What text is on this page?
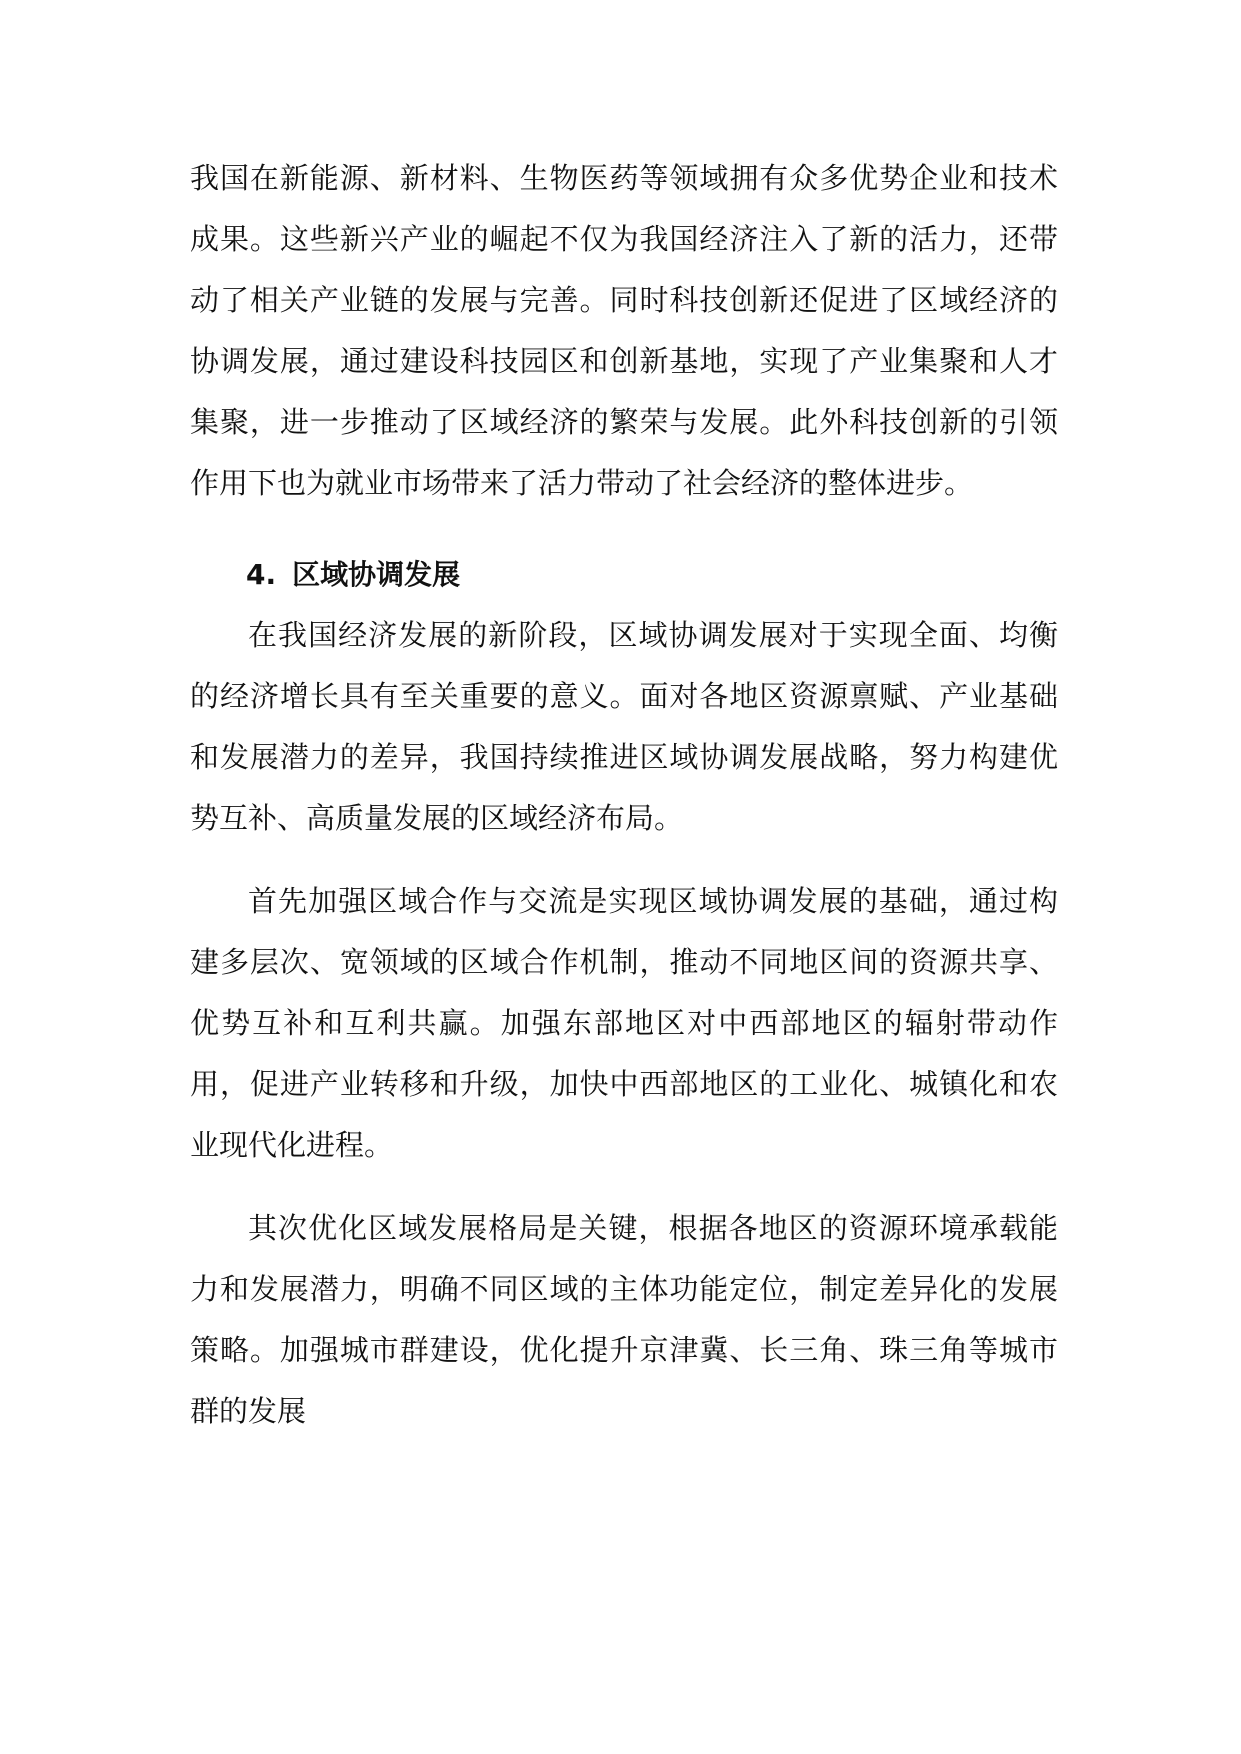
我国在新能源、新材料、生物医药等领域拥有众多优势企业和技术成果。这些新兴产业的崛起不仅为我国经济注入了新的活力，还带动了相关产业链的发展与完善。同时科技创新还促进了区域经济的协调发展，通过建设科技园区和创新基地，实现了产业集聚和人才集聚，进一步推动了区域经济的繁荣与发展。此外科技创新的引领作用下也为就业市场带来了活力带动了社会经济的整体进步。

4. 区域协调发展

在我国经济发展的新阶段，区域协调发展对于实现全面、均衡的经济增长具有至关重要的意义。面对各地区资源禀赋、产业基础和发展潜力的差异，我国持续推进区域协调发展战略，努力构建优势互补、高质量发展的区域经济布局。

首先加强区域合作与交流是实现区域协调发展的基础，通过构建多层次、宽领域的区域合作机制，推动不同地区间的资源共享、优势互补和互利共赢。加强东部地区对中西部地区的辐射带动作用，促进产业转移和升级，加快中西部地区的工业化、城镇化和农业现代化进程。

其次优化区域发展格局是关键，根据各地区的资源环境承载能力和发展潜力，明确不同区域的主体功能定位，制定差异化的发展策略。加强城市群建设，优化提升京津冀、长三角、珠三角等城市群的发展
